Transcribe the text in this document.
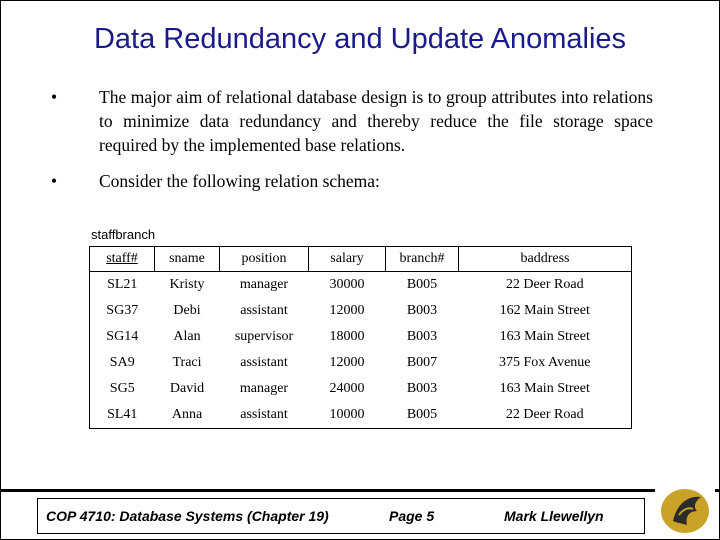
Data Redundancy and Update Anomalies
• The major aim of relational database design is to group attributes into relations to minimize data redundancy and thereby reduce the file storage space required by the implemented base relations.
• Consider the following relation schema:
staffbranch
staff#	sname	position	salary	branch#	baddress
SL21	Kristy	manager	30000	B005	22 Deer Road
SG37	Debi	assistant	12000	B003	162 Main Street
SG14	Alan	supervisor	18000	B003	163 Main Street
SA9	Traci	assistant	12000	B007	375 Fox Avenue
SG5	David	manager	24000	B003	163 Main Street
SL41	Anna	assistant	10000	B005	22 Deer Road
COP 4710: Database Systems (Chapter 19)	Page 5	Mark Llewellyn
